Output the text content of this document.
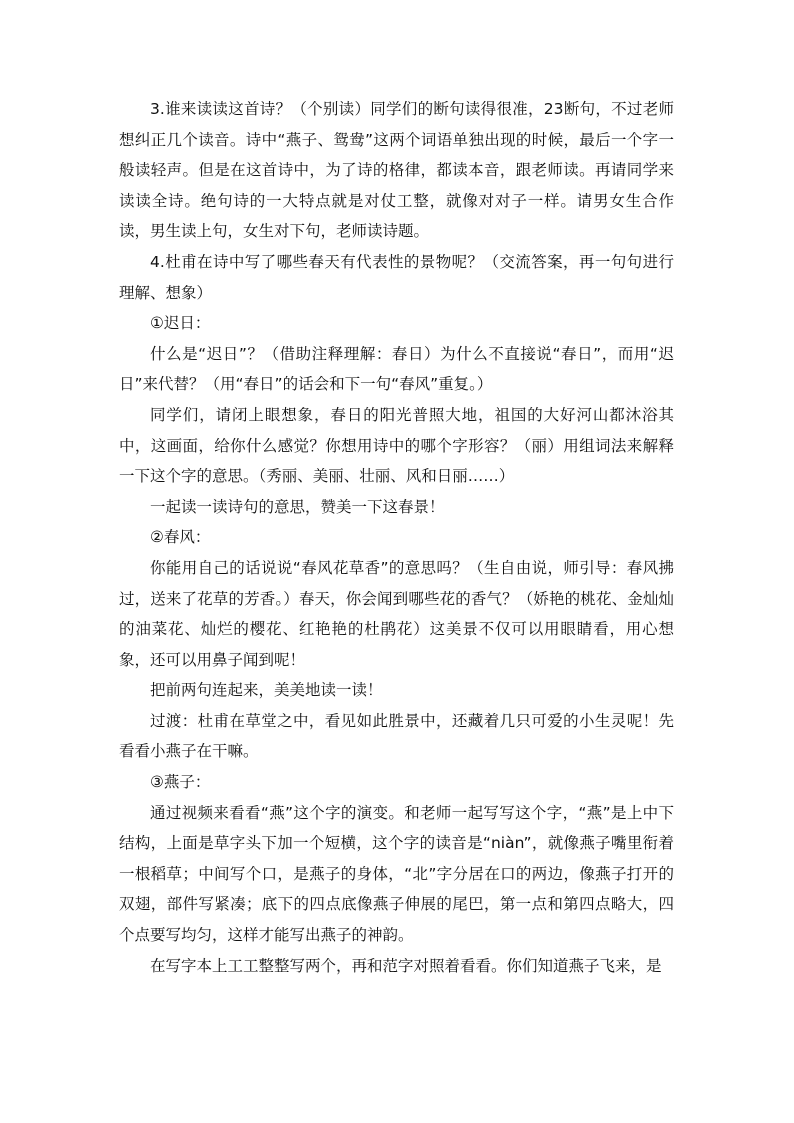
3.谁来读读这首诗？（个别读）同学们的断句读得很准，23断句，不过老师想纠正几个读音。诗中“燕子、鸳鸯”这两个词语单独出现的时候，最后一个字一般读轻声。但是在这首诗中，为了诗的格律，都读本音，跟老师读。再请同学来读读全诗。绝句诗的一大特点就是对仗工整，就像对对子一样。请男女生合作读，男生读上句，女生对下句，老师读诗题。

4.杜甫在诗中写了哪些春天有代表性的景物呢？（交流答案，再一句句进行理解、想象）

①迟日：

什么是“迟日”？（借助注释理解：春日）为什么不直接说“春日”，而用“迟日”来代替？（用“春日”的话会和下一句“春风”重复。）

同学们，请闭上眼想象，春日的阳光普照大地，祖国的大好河山都沐浴其中，这画面，给你什么感觉？你想用诗中的哪个字形容？（丽）用组词法来解释一下这个字的意思。（秀丽、美丽、壮丽、风和日丽……）

一起读一读诗句的意思，赞美一下这春景！

②春风：

你能用自己的话说说“春风花草香”的意思吗？（生自由说，师引导：春风拂过，送来了花草的芳香。）春天，你会闻到哪些花的香气？（娇艳的桃花、金灿灿的油菜花、灿烂的樱花、红艳艳的杜鹃花）这美景不仅可以用眼睛看，用心想象，还可以用鼻子闻到呢！

把前两句连起来，美美地读一读！

过渡：杜甫在草堂之中，看见如此胜景中，还藏着几只可爱的小生灵呢！先看看小燕子在干嘛。

③燕子：

通过视频来看看“燕”这个字的演变。和老师一起写写这个字，“燕”是上中下结构，上面是草字头下加一个短横，这个字的读音是“niàn”，就像燕子嘴里衔着一根稻草；中间写个口，是燕子的身体，“北”字分居在口的两边，像燕子打开的双翅，部件写紧凑；底下的四点底像燕子伸展的尾巴，第一点和第四点略大，四个点要写均匀，这样才能写出燕子的神韵。

在写字本上工工整整写两个，再和范字对照着看看。你们知道燕子飞来，是
